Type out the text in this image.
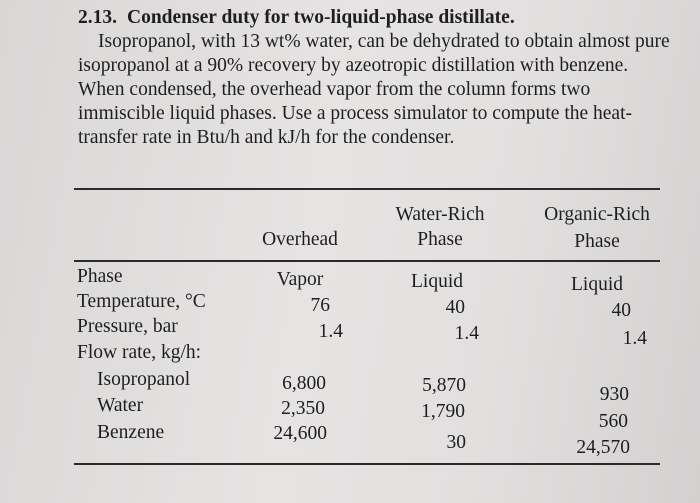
2.13. Condenser duty for two-liquid-phase distillate.

Isopropanol, with 13 wt% water, can be dehydrated to obtain almost pure isopropanol at a 90% recovery by azeotropic distillation with benzene. When condensed, the overhead vapor from the column forms two immiscible liquid phases. Use a process simulator to compute the heat-transfer rate in Btu/h and kJ/h for the condenser.

Overhead
Water-Rich
Phase
Organic-Rich
Phase
Phase
Temperature, °C
Pressure, bar
Flow rate, kg/h:
Isopropanol
Water
Benzene
Vapor
76
1.4
6,800
2,350
24,600
Liquid
40
1.4
5,870
1,790
30
Liquid
40
1.4
930
560
24,570
